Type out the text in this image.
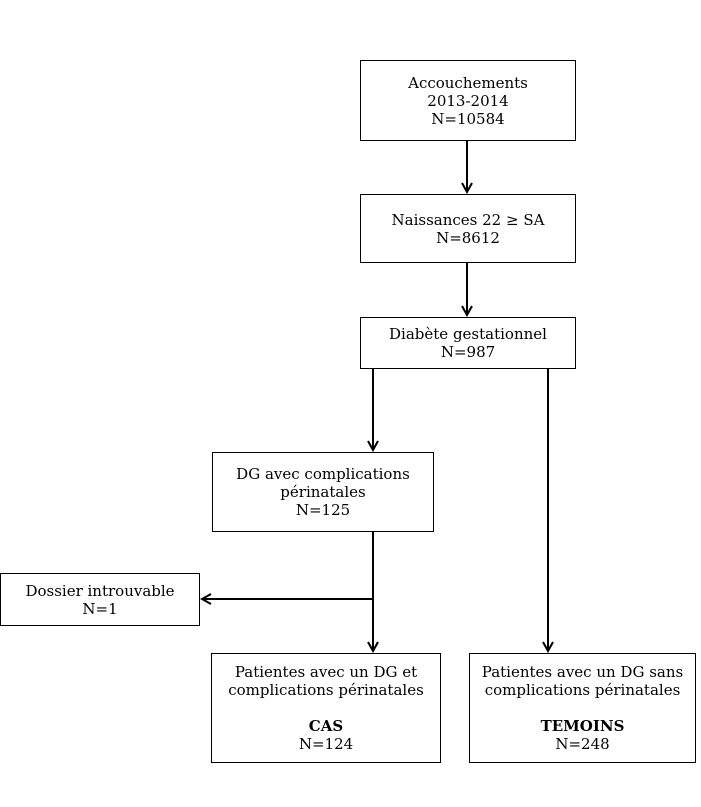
Accouchements
2013-2014
N=10584
Naissances 22 ≥ SA
N=8612
Diabète gestationnel
N=987
DG avec complications
périnatales
N=125
Dossier introuvable
N=1
Patientes avec un DG et
complications périnatales
CAS
N=124
Patientes avec un DG sans
complications périnatales
TEMOINS
N=248
